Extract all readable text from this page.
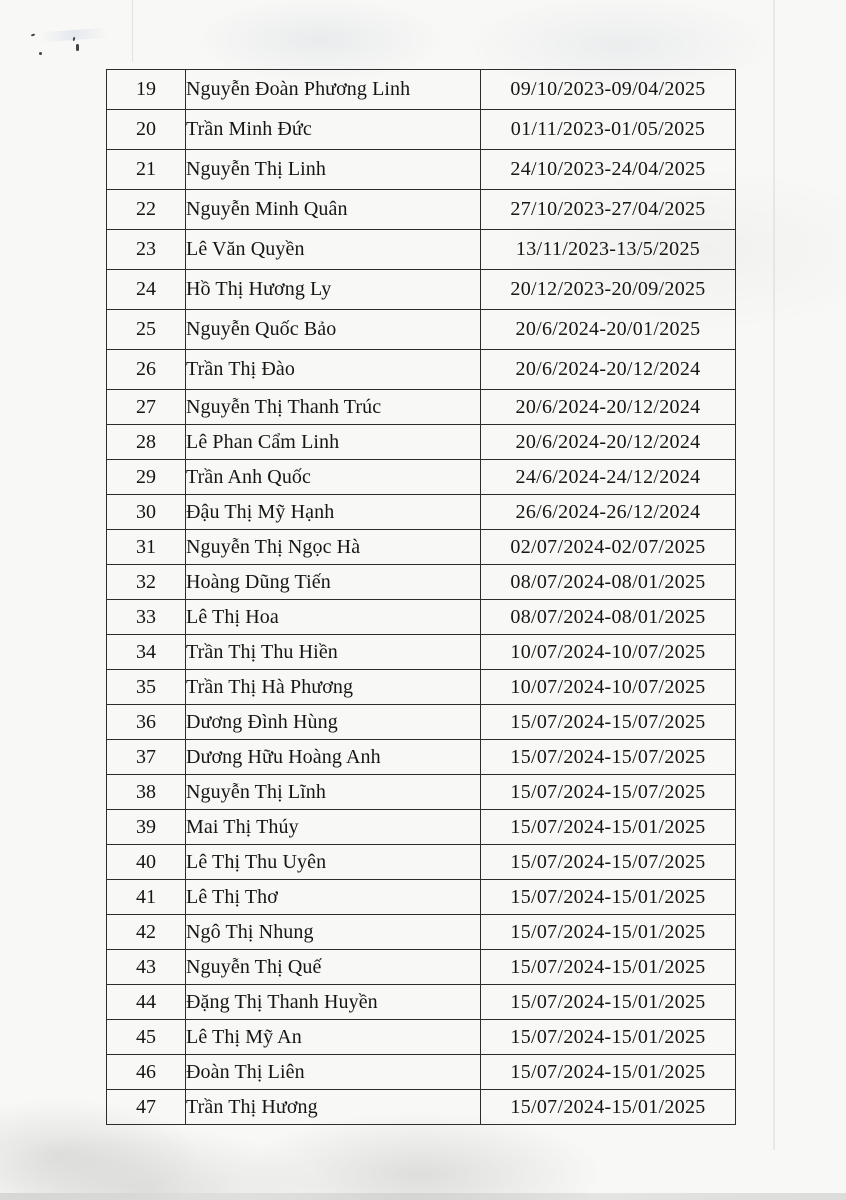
19	Nguyễn Đoàn Phương Linh	09/10/2023-09/04/2025
20	Trần Minh Đức	01/11/2023-01/05/2025
21	Nguyễn Thị Linh	24/10/2023-24/04/2025
22	Nguyễn Minh Quân	27/10/2023-27/04/2025
23	Lê Văn Quyền	13/11/2023-13/5/2025
24	Hồ Thị Hương Ly	20/12/2023-20/09/2025
25	Nguyễn Quốc Bảo	20/6/2024-20/01/2025
26	Trần Thị Đào	20/6/2024-20/12/2024
27	Nguyễn Thị Thanh Trúc	20/6/2024-20/12/2024
28	Lê Phan Cẩm Linh	20/6/2024-20/12/2024
29	Trần Anh Quốc	24/6/2024-24/12/2024
30	Đậu Thị Mỹ Hạnh	26/6/2024-26/12/2024
31	Nguyễn Thị Ngọc Hà	02/07/2024-02/07/2025
32	Hoàng Dũng Tiến	08/07/2024-08/01/2025
33	Lê Thị Hoa	08/07/2024-08/01/2025
34	Trần Thị Thu Hiền	10/07/2024-10/07/2025
35	Trần Thị Hà Phương	10/07/2024-10/07/2025
36	Dương Đình Hùng	15/07/2024-15/07/2025
37	Dương Hữu Hoàng Anh	15/07/2024-15/07/2025
38	Nguyễn Thị Lĩnh	15/07/2024-15/07/2025
39	Mai Thị Thúy	15/07/2024-15/01/2025
40	Lê Thị Thu Uyên	15/07/2024-15/07/2025
41	Lê Thị Thơ	15/07/2024-15/01/2025
42	Ngô Thị Nhung	15/07/2024-15/01/2025
43	Nguyễn Thị Quế	15/07/2024-15/01/2025
44	Đặng Thị Thanh Huyền	15/07/2024-15/01/2025
45	Lê Thị Mỹ An	15/07/2024-15/01/2025
46	Đoàn Thị Liên	15/07/2024-15/01/2025
47	Trần Thị Hương	15/07/2024-15/01/2025
